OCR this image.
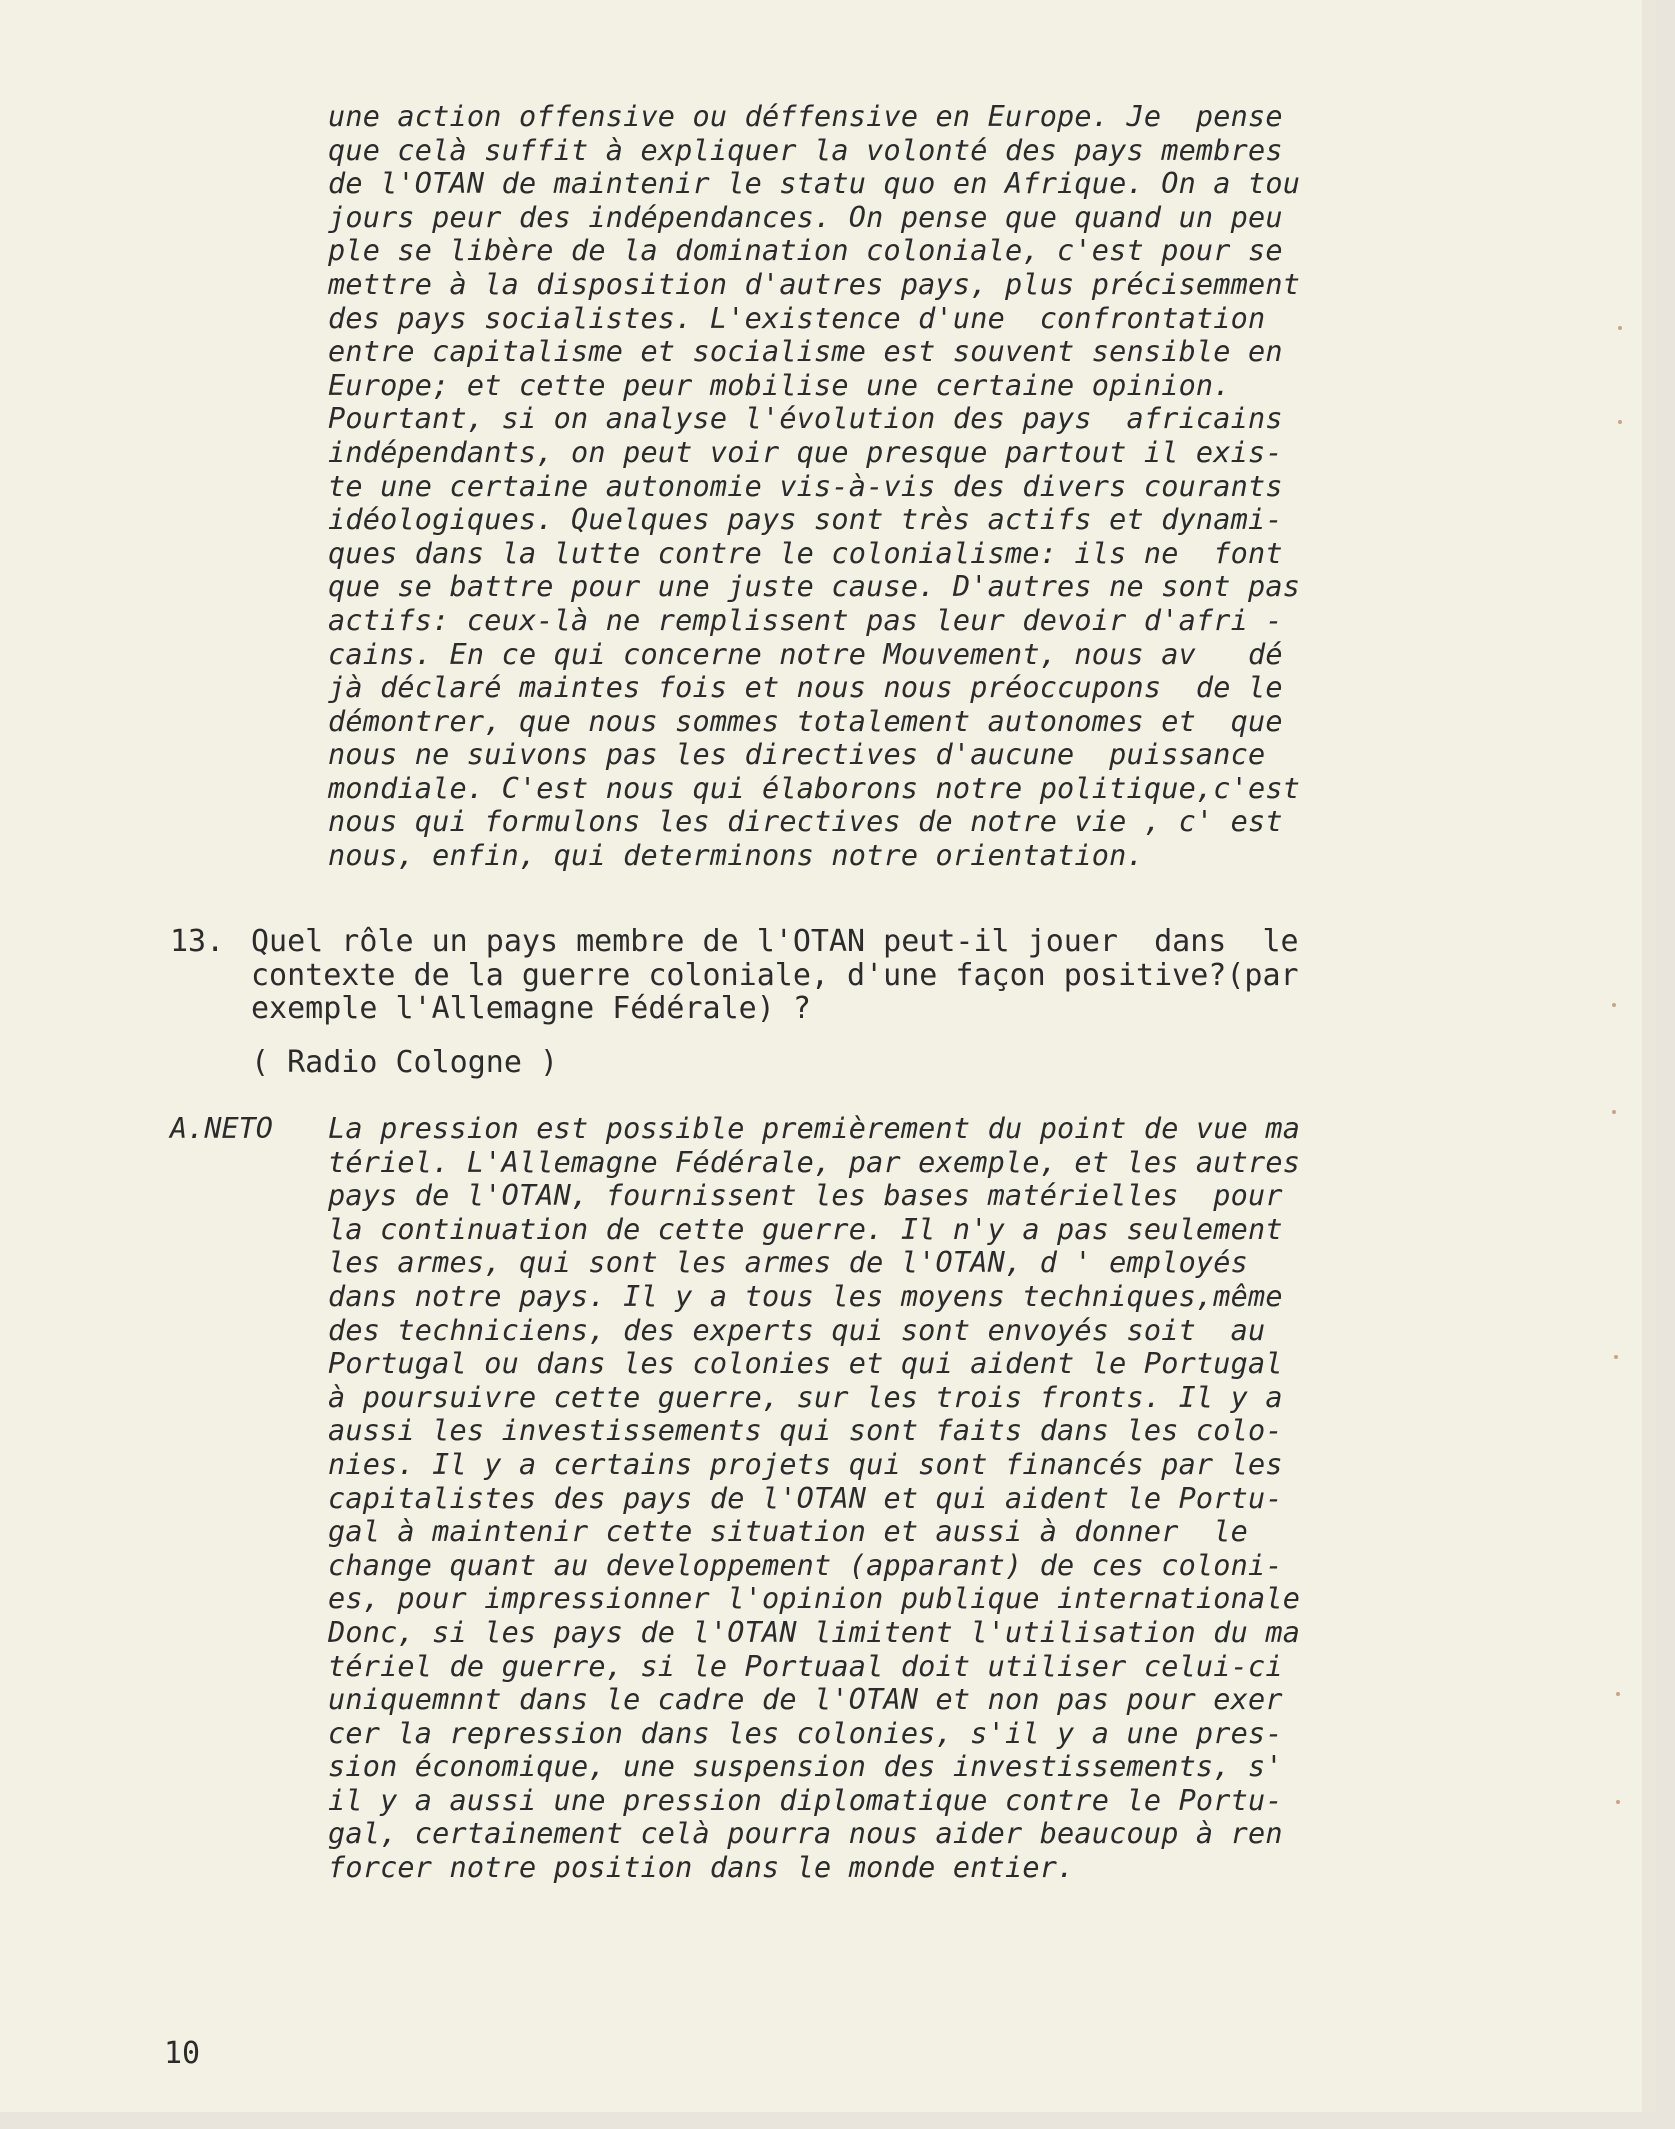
une action offensive ou déffensive en Europe. Je  pense
que celà suffit à expliquer la volonté des pays membres
de l'OTAN de maintenir le statu quo en Afrique. On a tou
jours peur des indépendances. On pense que quand un peu
ple se libère de la domination coloniale, c'est pour se
mettre à la disposition d'autres pays, plus précisemment
des pays socialistes. L'existence d'une  confrontation
entre capitalisme et socialisme est souvent sensible en
Europe; et cette peur mobilise une certaine opinion.
Pourtant, si on analyse l'évolution des pays  africains
indépendants, on peut voir que presque partout il exis-
te une certaine autonomie vis-à-vis des divers courants
idéologiques. Quelques pays sont très actifs et dynami-
ques dans la lutte contre le colonialisme: ils ne  font
que se battre pour une juste cause. D'autres ne sont pas
actifs: ceux-là ne remplissent pas leur devoir d'afri -
cains. En ce qui concerne notre Mouvement, nous av   dé
jà déclaré maintes fois et nous nous préoccupons  de le
démontrer, que nous sommes totalement autonomes et  que
nous ne suivons pas les directives d'aucune  puissance
mondiale. C'est nous qui élaborons notre politique,c'est
nous qui formulons les directives de notre vie , c' est
nous, enfin, qui determinons notre orientation.
13. Quel rôle un pays membre de l'OTAN peut-il jouer  dans  le
contexte de la guerre coloniale, d'une façon positive?(par
exemple l'Allemagne Fédérale) ?
( Radio Cologne )
A.NETO La pression est possible premièrement du point de vue ma
tériel. L'Allemagne Fédérale, par exemple, et les autres
pays de l'OTAN, fournissent les bases matérielles  pour
la continuation de cette guerre. Il n'y a pas seulement
les armes, qui sont les armes de l'OTAN, d ' employés
dans notre pays. Il y a tous les moyens techniques,même
des techniciens, des experts qui sont envoyés soit  au
Portugal ou dans les colonies et qui aident le Portugal
à poursuivre cette guerre, sur les trois fronts. Il y a
aussi les investissements qui sont faits dans les colo-
nies. Il y a certains projets qui sont financés par les
capitalistes des pays de l'OTAN et qui aident le Portu-
gal à maintenir cette situation et aussi à donner  le
change quant au developpement (apparant) de ces coloni-
es, pour impressionner l'opinion publique internationale
Donc, si les pays de l'OTAN limitent l'utilisation du ma
tériel de guerre, si le Portuaal doit utiliser celui-ci
uniquemnnt dans le cadre de l'OTAN et non pas pour exer
cer la repression dans les colonies, s'il y a une pres-
sion économique, une suspension des investissements, s'
il y a aussi une pression diplomatique contre le Portu-
gal, certainement celà pourra nous aider beaucoup à ren
forcer notre position dans le monde entier.
10
